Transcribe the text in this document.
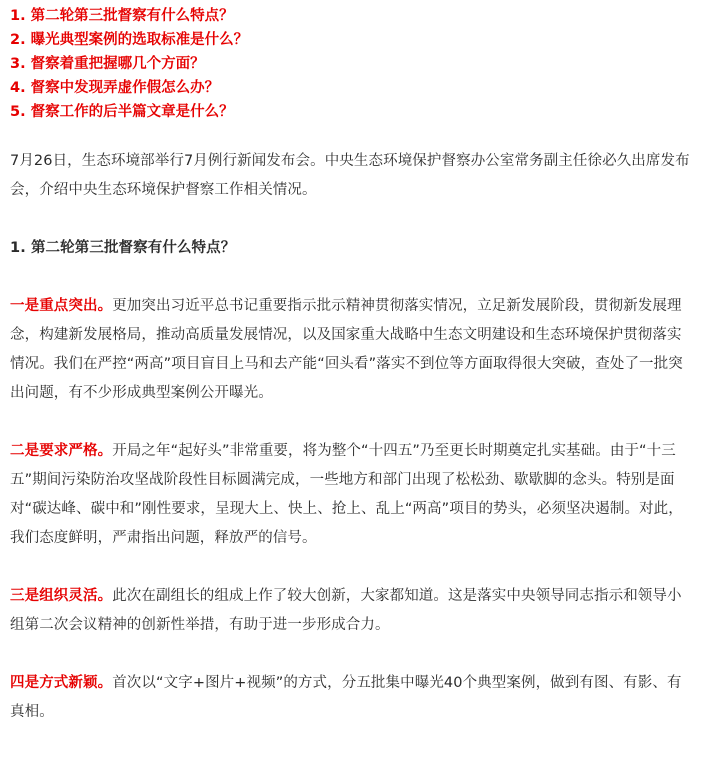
1. 第二轮第三批督察有什么特点？
2. 曝光典型案例的选取标准是什么？
3. 督察着重把握哪几个方面？
4. 督察中发现弄虚作假怎么办？
5. 督察工作的后半篇文章是什么？

7月26日，生态环境部举行7月例行新闻发布会。中央生态环境保护督察办公室常务副主任徐必久出席发布会，介绍中央生态环境保护督察工作相关情况。

1. 第二轮第三批督察有什么特点？

一是重点突出。更加突出习近平总书记重要指示批示精神贯彻落实情况，立足新发展阶段，贯彻新发展理念，构建新发展格局，推动高质量发展情况，以及国家重大战略中生态文明建设和生态环境保护贯彻落实情况。我们在严控“两高”项目盲目上马和去产能“回头看”落实不到位等方面取得很大突破，查处了一批突出问题，有不少形成典型案例公开曝光。

二是要求严格。开局之年“起好头”非常重要，将为整个“十四五”乃至更长时期奠定扎实基础。由于“十三五”期间污染防治攻坚战阶段性目标圆满完成，一些地方和部门出现了松松劲、歇歇脚的念头。特别是面对“碳达峰、碳中和”刚性要求，呈现大上、快上、抢上、乱上“两高”项目的势头，必须坚决遏制。对此，我们态度鲜明，严肃指出问题，释放严的信号。

三是组织灵活。此次在副组长的组成上作了较大创新，大家都知道。这是落实中央领导同志指示和领导小组第二次会议精神的创新性举措，有助于进一步形成合力。

四是方式新颖。首次以“文字+图片+视频”的方式，分五批集中曝光40个典型案例，做到有图、有影、有真相。
